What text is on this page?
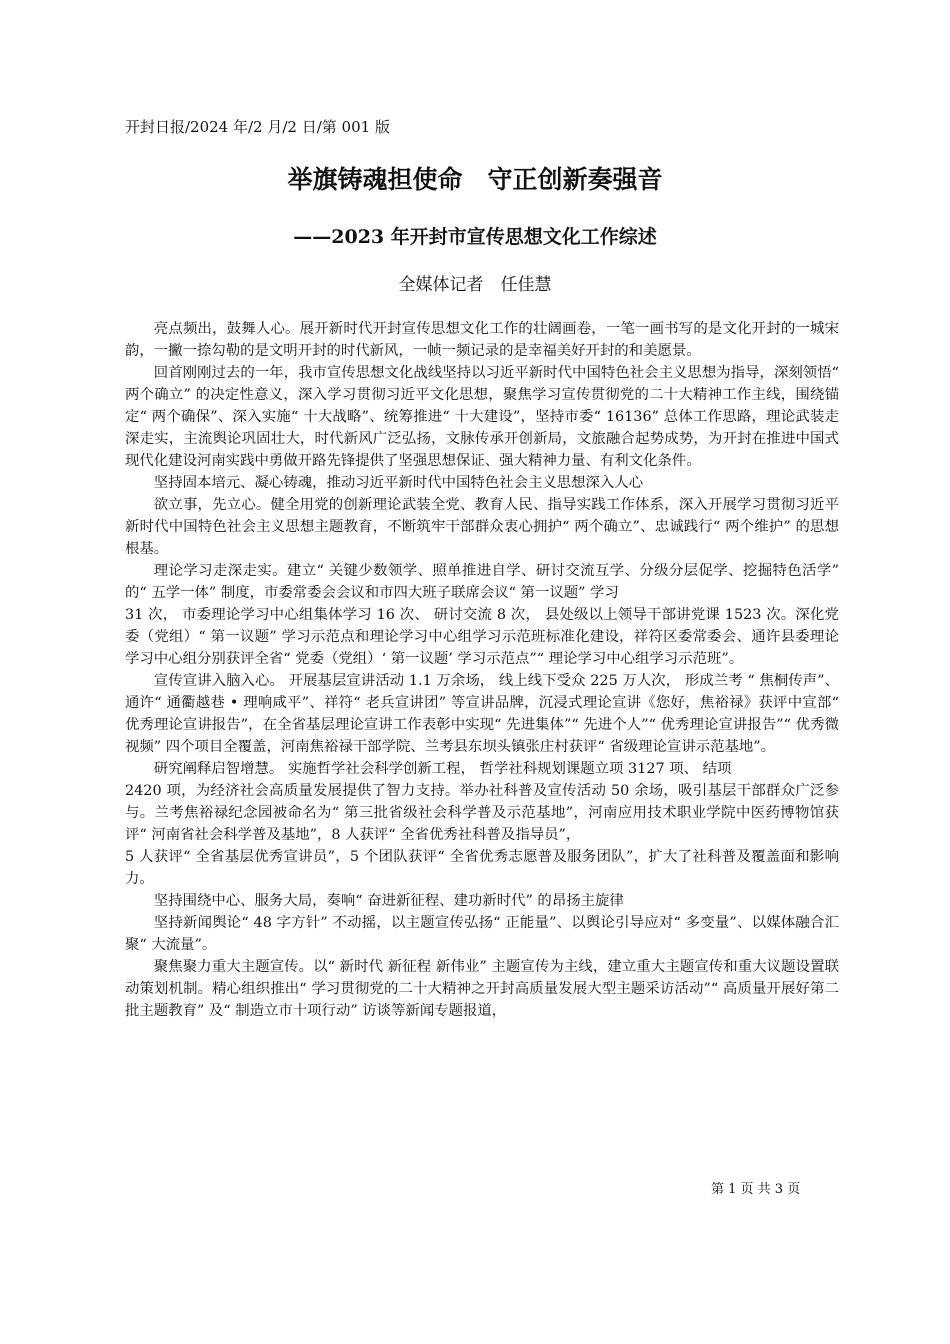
开封日报/2024 年/2 月/2 日/第 001 版
举旗铸魂担使命　守正创新奏强音
——2023 年开封市宣传思想文化工作综述
全媒体记者　任佳慧

亮点频出，鼓舞人心。展开新时代开封宣传思想文化工作的壮阔画卷，一笔一画书写的是文化开封的一城宋韵，一撇一捺勾勒的是文明开封的时代新风，一帧一频记录的是幸福美好开封的和美愿景。

回首刚刚过去的一年，我市宣传思想文化战线坚持以习近平新时代中国特色社会主义思想为指导，深刻领悟“ 两个确立” 的决定性意义，深入学习贯彻习近平文化思想，聚焦学习宣传贯彻党的二十大精神工作主线，围绕锚定“ 两个确保”、深入实施“ 十大战略”、统筹推进“ 十大建设”，坚持市委“ 16136” 总体工作思路，理论武装走深走实，主流舆论巩固壮大，时代新风广泛弘扬，文脉传承开创新局，文旅融合起势成势，为开封在推进中国式现代化建设河南实践中勇做开路先锋提供了坚强思想保证、强大精神力量、有利文化条件。

坚持固本培元、凝心铸魂，推动习近平新时代中国特色社会主义思想深入人心

欲立事，先立心。健全用党的创新理论武装全党、教育人民、指导实践工作体系，深入开展学习贯彻习近平新时代中国特色社会主义思想主题教育，不断筑牢干部群众衷心拥护“ 两个确立”、忠诚践行“ 两个维护” 的思想根基。

理论学习走深走实。建立“ 关键少数领学、照单推进自学、研讨交流互学、分级分层促学、挖掘特色活学” 的“ 五学一体” 制度，市委常委会会议和市四大班子联席会议“ 第一议题” 学习

31 次， 市委理论学习中心组集体学习 16 次、 研讨交流 8 次， 县处级以上领导干部讲党课 1523 次。深化党委（党组）“ 第一议题” 学习示范点和理论学习中心组学习示范班标准化建设，祥符区委常委会、通许县委理论学习中心组分别获评全省“ 党委（党组）‘ 第一议题’ 学习示范点”“ 理论学习中心组学习示范班”。

宣传宣讲入脑入心。 开展基层宣讲活动 1.1 万余场， 线上线下受众 225 万人次， 形成兰考 “ 焦桐传声”、通许“ 通衢越巷 • 理响咸平”、祥符“ 老兵宣讲团” 等宣讲品牌，沉浸式理论宣讲《您好，焦裕禄》获评中宣部“ 优秀理论宣讲报告”，在全省基层理论宣讲工作表彰中实现“ 先进集体”“ 先进个人”“ 优秀理论宣讲报告”“ 优秀微视频” 四个项目全覆盖，河南焦裕禄干部学院、兰考县东坝头镇张庄村获评“ 省级理论宣讲示范基地”。

研究阐释启智增慧。 实施哲学社会科学创新工程， 哲学社科规划课题立项 3127 项、 结项

2420 项，为经济社会高质量发展提供了智力支持。举办社科普及宣传活动 50 余场，吸引基层干部群众广泛参与。兰考焦裕禄纪念园被命名为“ 第三批省级社会科学普及示范基地”，河南应用技术职业学院中医药博物馆获评“ 河南省社会科学普及基地”，8 人获评“ 全省优秀社科普及指导员”，

5 人获评“ 全省基层优秀宣讲员”，5 个团队获评“ 全省优秀志愿普及服务团队”，扩大了社科普及覆盖面和影响力。

坚持围绕中心、服务大局，奏响“ 奋进新征程、建功新时代” 的昂扬主旋律

坚持新闻舆论“ 48 字方针” 不动摇，以主题宣传弘扬“ 正能量”、以舆论引导应对“ 多变量”、以媒体融合汇聚“ 大流量”。

聚焦聚力重大主题宣传。以“ 新时代 新征程 新伟业” 主题宣传为主线，建立重大主题宣传和重大议题设置联动策划机制。精心组织推出“ 学习贯彻党的二十大精神之开封高质量发展大型主题采访活动”“ 高质量开展好第二批主题教育” 及“ 制造立市十项行动” 访谈等新闻专题报道，

第 1 页 共 3 页
